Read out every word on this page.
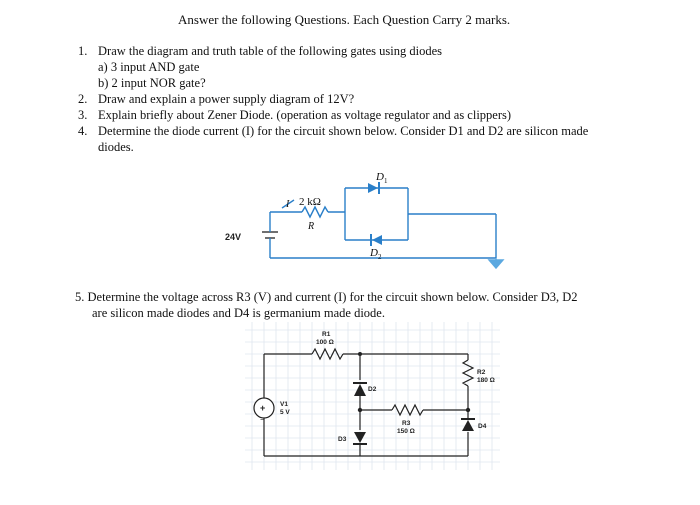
Answer the following Questions. Each Question Carry 2 marks.
1. Draw the diagram and truth table of the following gates using diodes
a) 3 input AND gate
b) 2 input NOR gate?
2. Draw and explain a power supply diagram of 12V?
3. Explain briefly about Zener Diode. (operation as voltage regulator and as clippers)
4. Determine the diode current (I) for the circuit shown below. Consider D1 and D2 are silicon made
diodes.
5. Determine the voltage across R3 (V) and current (I) for the circuit shown below. Consider D3, D2
are silicon made diodes and D4 is germanium made diode.
2 kΩ
R
I
24V
D 1
D 2
+
−
R1
100 Ω
R2
180 Ω
R3
150 Ω
V1
5 V
D2
D3
D4
